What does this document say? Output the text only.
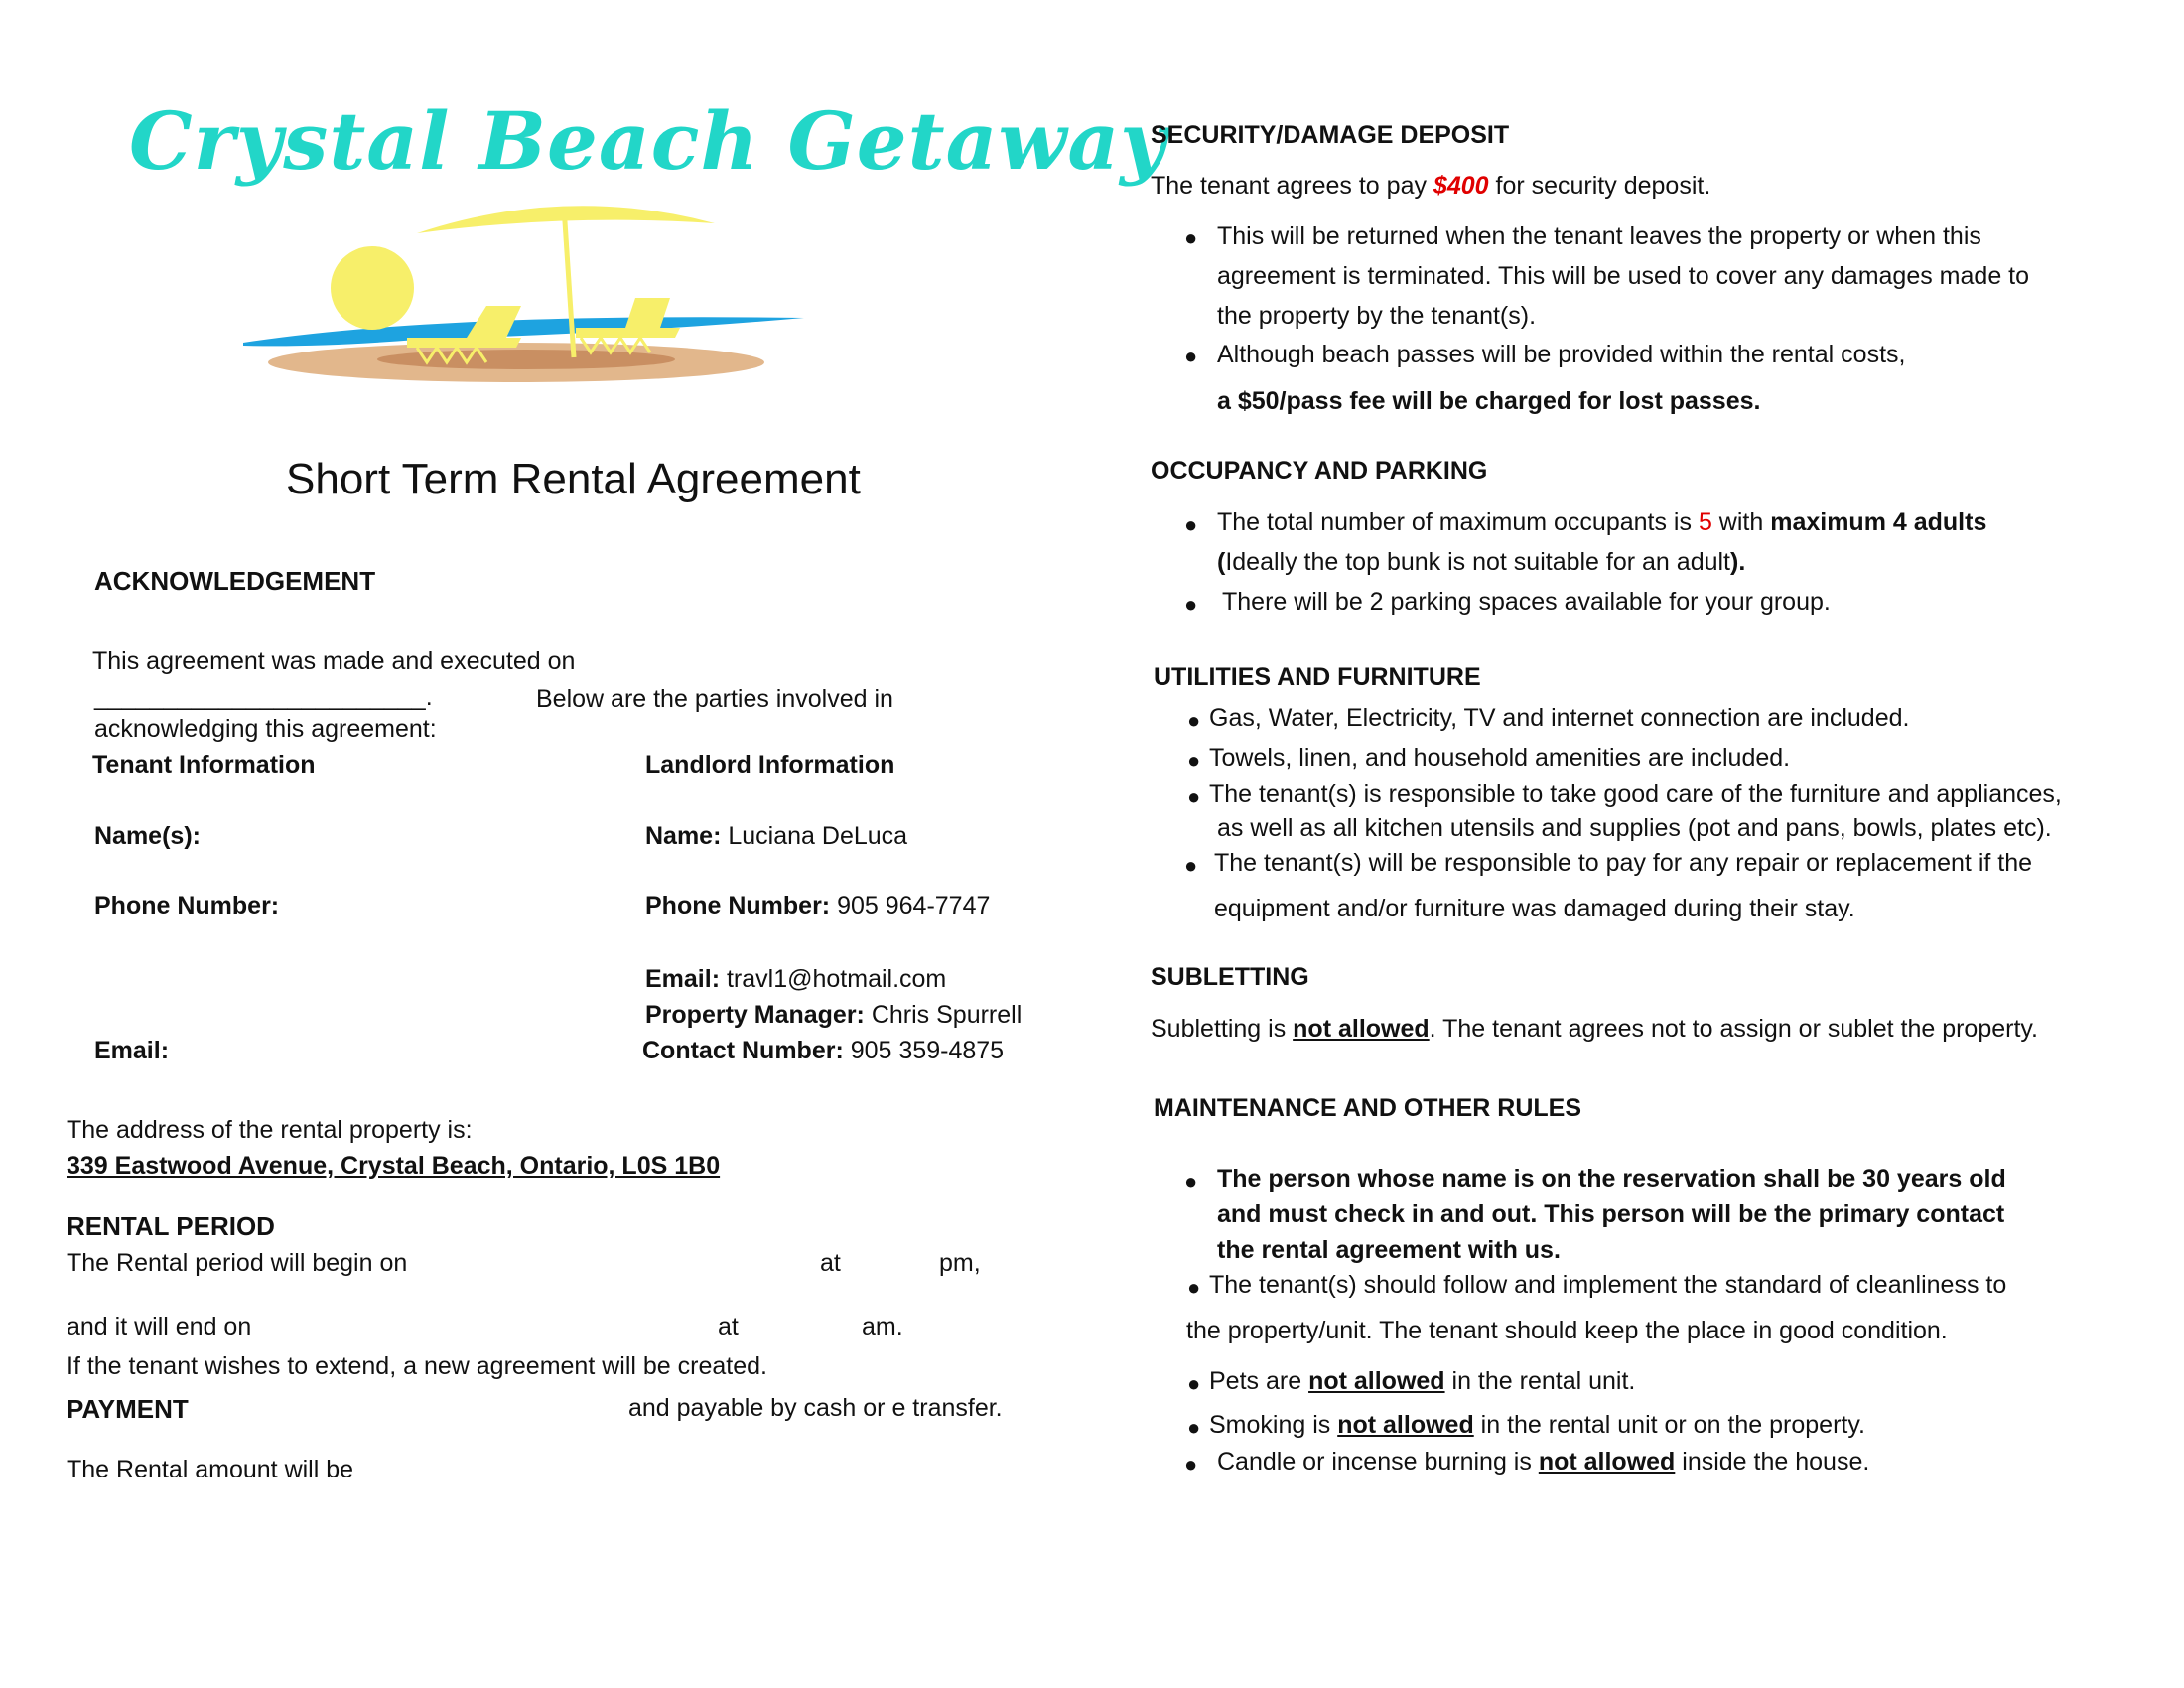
Crystal Beach Getaway
Short Term Rental Agreement
ACKNOWLEDGEMENT
This agreement was made and executed on
________________________.	Below are the parties involved in
acknowledging this agreement:
Tenant Information	Landlord Information
Name(s):	Name: Luciana DeLuca
Phone Number:	Phone Number: 905 964-7747
Email: travl1@hotmail.com
Property Manager: Chris Spurrell
Email:	Contact Number: 905 359-4875
The address of the rental property is:
339 Eastwood Avenue, Crystal Beach, Ontario, L0S 1B0
RENTAL PERIOD
The Rental period will begin on	at	pm,
and it will end on	at	am.
If the tenant wishes to extend, a new agreement will be created.
PAYMENT	and payable by cash or e transfer.
The Rental amount will be
SECURITY/DAMAGE DEPOSIT
The tenant agrees to pay $400 for security deposit.
● This will be returned when the tenant leaves the property or when this
agreement is terminated. This will be used to cover any damages made to
the property by the tenant(s).
● Although beach passes will be provided within the rental costs,
a $50/pass fee will be charged for lost passes.
OCCUPANCY AND PARKING
● The total number of maximum occupants is 5 with maximum 4 adults
(Ideally the top bunk is not suitable for an adult).
● There will be 2 parking spaces available for your group.
UTILITIES AND FURNITURE
● Gas, Water, Electricity, TV and internet connection are included.
● Towels, linen, and household amenities are included.
● The tenant(s) is responsible to take good care of the furniture and appliances,
as well as all kitchen utensils and supplies (pot and pans, bowls, plates etc).
● The tenant(s) will be responsible to pay for any repair or replacement if the
equipment and/or furniture was damaged during their stay.
SUBLETTING
Subletting is not allowed. The tenant agrees not to assign or sublet the property.
MAINTENANCE AND OTHER RULES
● The person whose name is on the reservation shall be 30 years old
and must check in and out. This person will be the primary contact
the rental agreement with us.
● The tenant(s) should follow and implement the standard of cleanliness to
the property/unit. The tenant should keep the place in good condition.
● Pets are not allowed in the rental unit.
● Smoking is not allowed in the rental unit or on the property.
● Candle or incense burning is not allowed inside the house.
